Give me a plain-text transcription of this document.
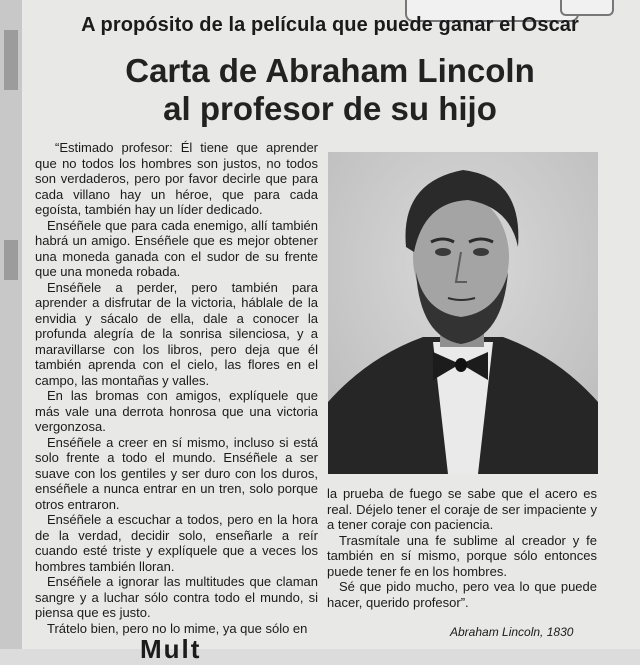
A propósito de la película que puede ganar el Oscar
Carta de Abraham Lincoln
al profesor de su hijo

“Estimado profesor: Él tiene que aprender que no todos los hombres son justos, no todos son verdaderos, pero por favor decirle que para cada villano hay un héroe, que para cada egoísta, también hay un líder dedicado.

Enséñele que para cada enemigo, allí también habrá un amigo. Enséñele que es mejor obtener una moneda ganada con el sudor de su frente que una moneda robada.

Enséñele a perder, pero también para aprender a disfrutar de la victoria, háblale de la envidia y sácalo de ella, dale a conocer la profunda alegría de la sonrisa silenciosa, y a maravillarse con los libros, pero deja que él también aprenda con el cielo, las flores en el campo, las montañas y valles.

En las bromas con amigos, explíquele que más vale una derrota honrosa que una victoria vergonzosa.

Enséñele a creer en sí mismo, incluso si está solo frente a todo el mundo. Enséñele a ser suave con los gentiles y ser duro con los duros, enséñele a nunca entrar en un tren, solo porque otros entraron.

Enséñele a escuchar a todos, pero en la hora de la verdad, decidir solo, enseñarle a reír cuando esté triste y explíquele que a veces los hombres también lloran.

Enséñele a ignorar las multitudes que claman sangre y a luchar sólo contra todo el mundo, si piensa que es justo.

Trátelo bien, pero no lo mime, ya que sólo en

la prueba de fuego se sabe que el acero es real. Déjelo tener el coraje de ser impaciente y a tener coraje con paciencia.

Trasmítale una fe sublime al creador y fe también en sí mismo, porque sólo entonces puede tener fe en los hombres.

Sé que pido mucho, pero vea lo que puede hacer, querido profesor”.

Abraham Lincoln, 1830
Mult
